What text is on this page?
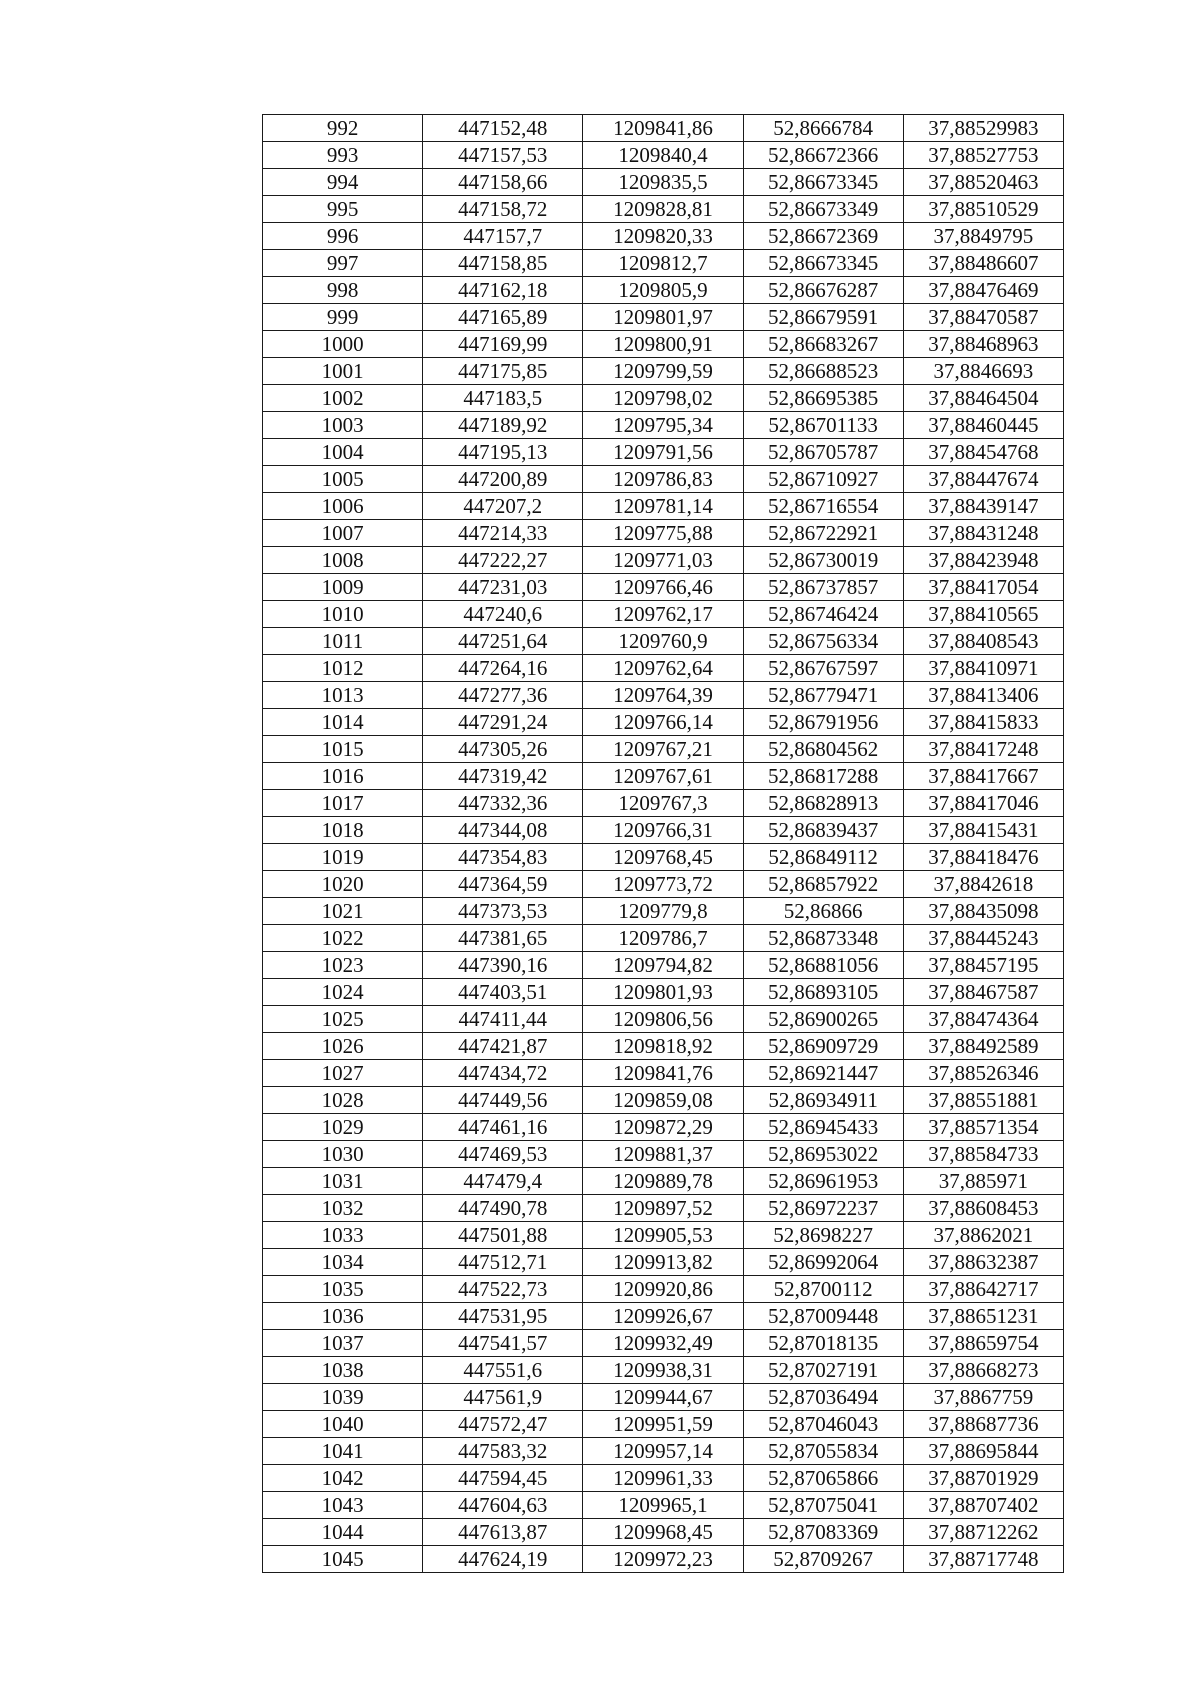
992	447152,48	1209841,86	52,8666784	37,88529983
993	447157,53	1209840,4	52,86672366	37,88527753
994	447158,66	1209835,5	52,86673345	37,88520463
995	447158,72	1209828,81	52,86673349	37,88510529
996	447157,7	1209820,33	52,86672369	37,8849795
997	447158,85	1209812,7	52,86673345	37,88486607
998	447162,18	1209805,9	52,86676287	37,88476469
999	447165,89	1209801,97	52,86679591	37,88470587
1000	447169,99	1209800,91	52,86683267	37,88468963
1001	447175,85	1209799,59	52,86688523	37,8846693
1002	447183,5	1209798,02	52,86695385	37,88464504
1003	447189,92	1209795,34	52,86701133	37,88460445
1004	447195,13	1209791,56	52,86705787	37,88454768
1005	447200,89	1209786,83	52,86710927	37,88447674
1006	447207,2	1209781,14	52,86716554	37,88439147
1007	447214,33	1209775,88	52,86722921	37,88431248
1008	447222,27	1209771,03	52,86730019	37,88423948
1009	447231,03	1209766,46	52,86737857	37,88417054
1010	447240,6	1209762,17	52,86746424	37,88410565
1011	447251,64	1209760,9	52,86756334	37,88408543
1012	447264,16	1209762,64	52,86767597	37,88410971
1013	447277,36	1209764,39	52,86779471	37,88413406
1014	447291,24	1209766,14	52,86791956	37,88415833
1015	447305,26	1209767,21	52,86804562	37,88417248
1016	447319,42	1209767,61	52,86817288	37,88417667
1017	447332,36	1209767,3	52,86828913	37,88417046
1018	447344,08	1209766,31	52,86839437	37,88415431
1019	447354,83	1209768,45	52,86849112	37,88418476
1020	447364,59	1209773,72	52,86857922	37,8842618
1021	447373,53	1209779,8	52,86866	37,88435098
1022	447381,65	1209786,7	52,86873348	37,88445243
1023	447390,16	1209794,82	52,86881056	37,88457195
1024	447403,51	1209801,93	52,86893105	37,88467587
1025	447411,44	1209806,56	52,86900265	37,88474364
1026	447421,87	1209818,92	52,86909729	37,88492589
1027	447434,72	1209841,76	52,86921447	37,88526346
1028	447449,56	1209859,08	52,86934911	37,88551881
1029	447461,16	1209872,29	52,86945433	37,88571354
1030	447469,53	1209881,37	52,86953022	37,88584733
1031	447479,4	1209889,78	52,86961953	37,885971
1032	447490,78	1209897,52	52,86972237	37,88608453
1033	447501,88	1209905,53	52,8698227	37,8862021
1034	447512,71	1209913,82	52,86992064	37,88632387
1035	447522,73	1209920,86	52,8700112	37,88642717
1036	447531,95	1209926,67	52,87009448	37,88651231
1037	447541,57	1209932,49	52,87018135	37,88659754
1038	447551,6	1209938,31	52,87027191	37,88668273
1039	447561,9	1209944,67	52,87036494	37,8867759
1040	447572,47	1209951,59	52,87046043	37,88687736
1041	447583,32	1209957,14	52,87055834	37,88695844
1042	447594,45	1209961,33	52,87065866	37,88701929
1043	447604,63	1209965,1	52,87075041	37,88707402
1044	447613,87	1209968,45	52,87083369	37,88712262
1045	447624,19	1209972,23	52,8709267	37,88717748
